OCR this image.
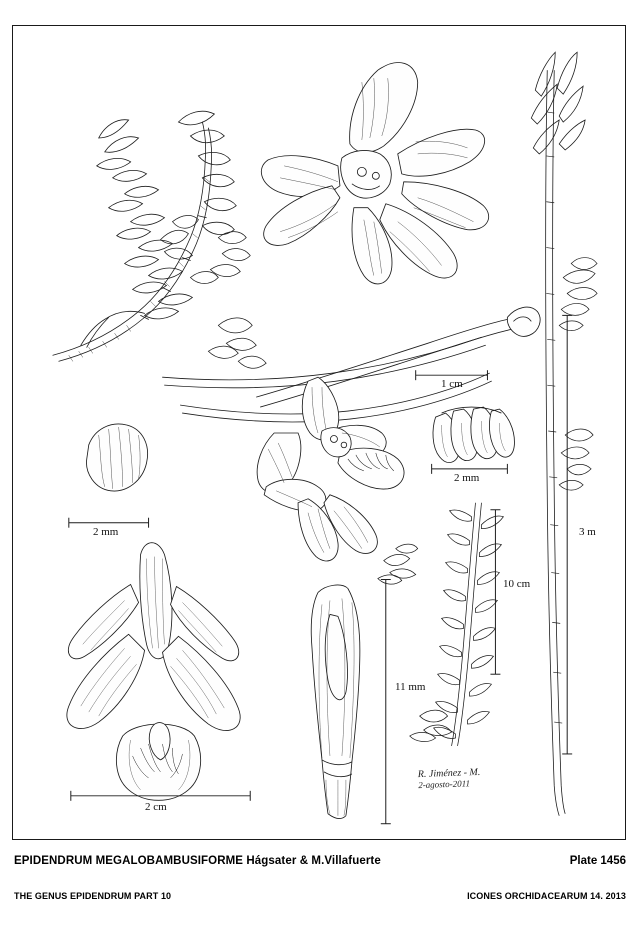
1 cm
2 mm
2 mm	3 m
10 cm
11 mm
2 cm
R. Jiménez - M.
2-agosto-2011
EPIDENDRUM MEGALOBAMBUSIFORME Hágsater & M.Villafuerte	Plate 1456
THE GENUS EPIDENDRUM PART 10	ICONES ORCHIDACEARUM 14. 2013
